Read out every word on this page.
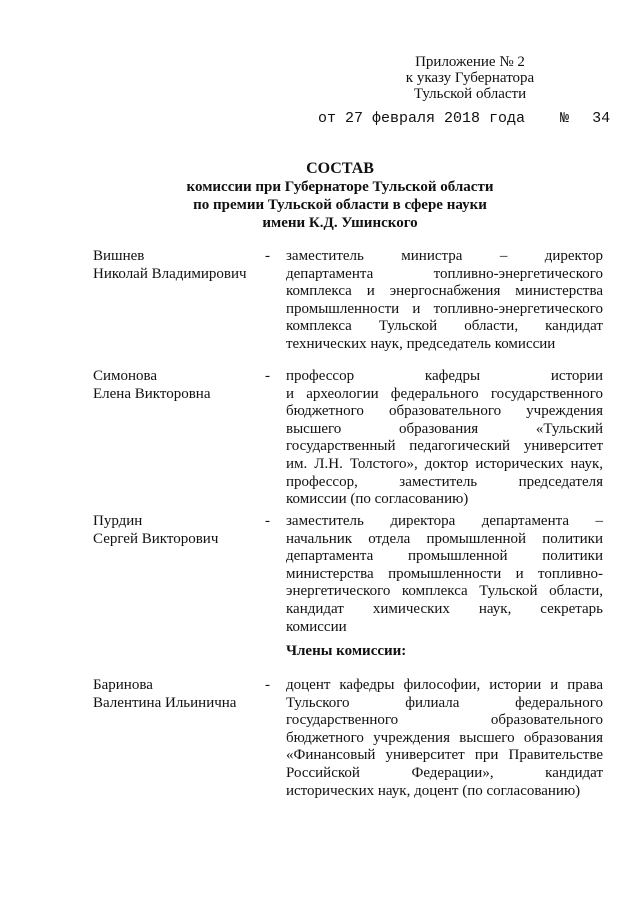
Приложение № 2
к указу Губернатора
Тульской области
от 27 февраля 2018 года № 34
СОСТАВ
комиссии при Губернаторе Тульской области
по премии Тульской области в сфере науки
имени К.Д. Ушинского
Вишнев
Николай Владимирович
-	заместитель министра – директор
департамента топливно-энергетического
комплекса и энергоснабжения министерства
промышленности и топливно-энергетического
комплекса Тульской области, кандидат
технических наук, председатель комиссии
Симонова
Елена Викторовна
-	профессор кафедры истории
и археологии федерального государственного
бюджетного образовательного учреждения
высшего образования «Тульский
государственный педагогический университет
им. Л.Н. Толстого», доктор исторических наук,
профессор, заместитель председателя
комиссии (по согласованию)
Пурдин
Сергей Викторович
-	заместитель директора департамента –
начальник отдела промышленной политики
департамента промышленной политики
министерства промышленности и топливно-
энергетического комплекса Тульской области,
кандидат химических наук, секретарь
комиссии
Члены комиссии:
Баринова
Валентина Ильинична
-	доцент кафедры философии, истории и права
Тульского филиала федерального
государственного образовательного
бюджетного учреждения высшего образования
«Финансовый университет при Правительстве
Российской Федерации», кандидат
исторических наук, доцент (по согласованию)
